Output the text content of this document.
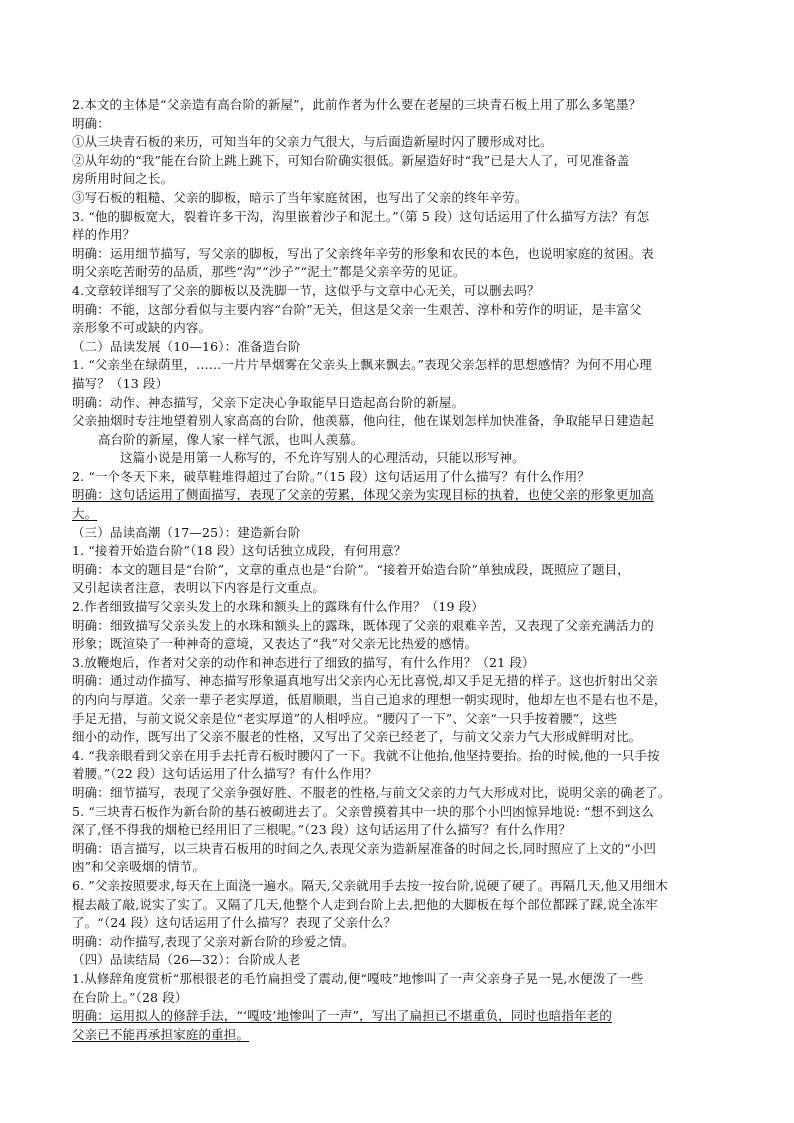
2.本文的主体是“父亲造有高台阶的新屋”，此前作者为什么要在老屋的三块青石板上用了那么多笔墨？
明确：
①从三块青石板的来历，可知当年的父亲力气很大，与后面造新屋时闪了腰形成对比。
②从年幼的“我”能在台阶上跳上跳下，可知台阶确实很低。新屋造好时“我”已是大人了，可见准备盖
房所用时间之长。
③写石板的粗糙、父亲的脚板，暗示了当年家庭贫困，也写出了父亲的终年辛劳。
3. “他的脚板宽大，裂着许多干沟，沟里嵌着沙子和泥土。”（第 5 段）这句话运用了什么描写方法？有怎
样的作用？
明确：运用细节描写，写父亲的脚板，写出了父亲终年辛劳的形象和农民的本色，也说明家庭的贫困。表
明父亲吃苦耐劳的品质，那些“沟”“沙子”“泥土”都是父亲辛劳的见证。
4.文章较详细写了父亲的脚板以及洗脚一节，这似乎与文章中心无关，可以删去吗？
明确：不能，这部分看似与主要内容“台阶”无关，但这是父亲一生艰苦、淳朴和劳作的明证，是丰富父
亲形象不可或缺的内容。
（二）品读发展（10—16）：准备造台阶
1. “父亲坐在绿荫里，……一片片旱烟雾在父亲头上飘来飘去。”表现父亲怎样的思想感情？为何不用心理
描写？（13 段）
明确：动作、神态描写，父亲下定决心争取能早日造起高台阶的新屋。
父亲抽烟时专注地望着别人家高高的台阶，他羡慕，他向往，他在谋划怎样加快准备，争取能早日建造起
高台阶的新屋，像人家一样气派，也叫人羡慕。
这篇小说是用第一人称写的，不允许写别人的心理活动，只能以形写神。
2. “一个冬天下来，破草鞋堆得超过了台阶。”（15 段）这句话运用了什么描写？有什么作用？
明确：这句话运用了侧面描写，表现了父亲的劳累，体现父亲为实现目标的执着，也使父亲的形象更加高
大。
（三）品读高潮（17—25）：建造新台阶
1. “接着开始造台阶”（18 段）这句话独立成段，有何用意？
明确：本文的题目是“台阶”，文章的重点也是“台阶”。“接着开始造台阶”单独成段，既照应了题目，
又引起读者注意，表明以下内容是行文重点。
2.作者细致描写父亲头发上的水珠和额头上的露珠有什么作用？（19 段）
明确：细致描写父亲头发上的水珠和额头上的露珠，既体现了父亲的艰难辛苦，又表现了父亲充满活力的
形象；既渲染了一种神奇的意境，又表达了“我”对父亲无比热爱的感情。
3.放鞭炮后，作者对父亲的动作和神态进行了细致的描写，有什么作用？（21 段）
明确：通过动作描写、神态描写形象逼真地写出父亲内心无比喜悦,却又手足无措的样子。这也折射出父亲
的内向与厚道。父亲一辈子老实厚道，低眉顺眼，当自己追求的理想一朝实现时，他却左也不是右也不是，
手足无措，与前文说父亲是位“老实厚道”的人相呼应。“腰闪了一下”、父亲“一只手按着腰”，这些
细小的动作，既写出了父亲不服老的性格，又写出了父亲已经老了，与前文父亲力气大形成鲜明对比。
4. “我亲眼看到父亲在用手去托青石板时腰闪了一下。我就不让他抬,他坚持要抬。抬的时候,他的一只手按
着腰。”（22 段）这句话运用了什么描写？有什么作用？
明确：细节描写，表现了父亲争强好胜、不服老的性格,与前文父亲的力气大形成对比，说明父亲的确老了。
5. “三块青石板作为新台阶的基石被砌进去了。父亲曾摸着其中一块的那个小凹凼惊异地说: “想不到这么
深了,怪不得我的烟枪已经用旧了三根呢。”（23 段）这句话运用了什么描写？有什么作用？
明确：语言描写，以三块青石板用的时间之久,表现父亲为造新屋准备的时间之长,同时照应了上文的“小凹
凼”和父亲吸烟的情节。
6. ”父亲按照要求,每天在上面浇一遍水。隔天,父亲就用手去按一按台阶,说硬了硬了。再隔几天,他又用细木
棍去敲了敲,说实了实了。又隔了几天,他整个人走到台阶上去,把他的大脚板在每个部位都踩了踩,说全冻牢
了。“（24 段）这句话运用了什么描写？表现了父亲什么？
明确：动作描写,表现了父亲对新台阶的珍爱之情。
（四）品读结局（26—32）：台阶成人老
1.从修辞角度赏析“那根很老的毛竹扁担受了震动,便“嘎吱”地惨叫了一声父亲身子晃一晃,水便泼了一些
在台阶上。”（28 段）
明确：运用拟人的修辞手法，“‘嘎吱’地惨叫了一声”，写出了扁担已不堪重负，同时也暗指年老的
父亲已不能再承担家庭的重担。
